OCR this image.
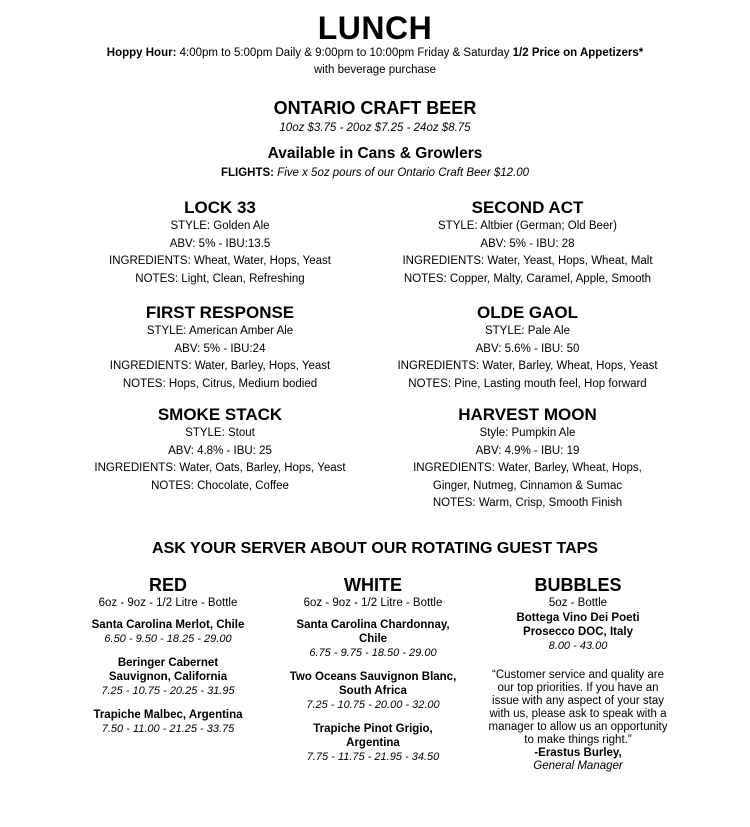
LUNCH
Hoppy Hour: 4:00pm to 5:00pm Daily & 9:00pm to 10:00pm Friday & Saturday 1/2 Price on Appetizers*
with beverage purchase
ONTARIO CRAFT BEER
10oz $3.75 - 20oz $7.25 - 24oz $8.75
Available in Cans & Growlers
FLIGHTS: Five x 5oz pours of our Ontario Craft Beer $12.00
LOCK 33
STYLE: Golden Ale
ABV: 5% - IBU:13.5
INGREDIENTS: Wheat, Water, Hops, Yeast
NOTES: Light, Clean, Refreshing
SECOND ACT
STYLE: Altbier (German; Old Beer)
ABV: 5% - IBU: 28
INGREDIENTS: Water, Yeast, Hops, Wheat, Malt
NOTES: Copper, Malty, Caramel, Apple, Smooth
FIRST RESPONSE
STYLE: American Amber Ale
ABV: 5% - IBU:24
INGREDIENTS: Water, Barley, Hops, Yeast
NOTES: Hops, Citrus, Medium bodied
OLDE GAOL
STYLE: Pale Ale
ABV: 5.6% - IBU: 50
INGREDIENTS: Water, Barley, Wheat, Hops, Yeast
NOTES: Pine, Lasting mouth feel, Hop forward
SMOKE STACK
STYLE: Stout
ABV: 4.8% - IBU: 25
INGREDIENTS: Water, Oats, Barley, Hops, Yeast
NOTES: Chocolate, Coffee
HARVEST MOON
Style: Pumpkin Ale
ABV: 4.9% - IBU: 19
INGREDIENTS: Water, Barley, Wheat, Hops,
Ginger, Nutmeg, Cinnamon & Sumac
NOTES: Warm, Crisp, Smooth Finish
ASK YOUR SERVER ABOUT OUR ROTATING GUEST TAPS
RED
6oz - 9oz - 1/2 Litre - Bottle
Santa Carolina Merlot, Chile
6.50 - 9.50 - 18.25 - 29.00
Beringer Cabernet Sauvignon, California
7.25 - 10.75 - 20.25 - 31.95
Trapiche Malbec, Argentina
7.50 - 11.00 - 21.25 - 33.75
WHITE
6oz - 9oz - 1/2 Litre - Bottle
Santa Carolina Chardonnay, Chile
6.75 - 9.75 - 18.50 - 29.00
Two Oceans Sauvignon Blanc, South Africa
7.25 - 10.75 - 20.00 - 32.00
Trapiche Pinot Grigio, Argentina
7.75 - 11.75 - 21.95 - 34.50
BUBBLES
5oz - Bottle
Bottega Vino Dei Poeti Prosecco DOC, Italy
8.00 - 43.00
“Customer service and quality are our top priorities. If you have an issue with any aspect of your stay with us, please ask to speak with a manager to allow us an opportunity to make things right.”
-Erastus Burley,
General Manager
